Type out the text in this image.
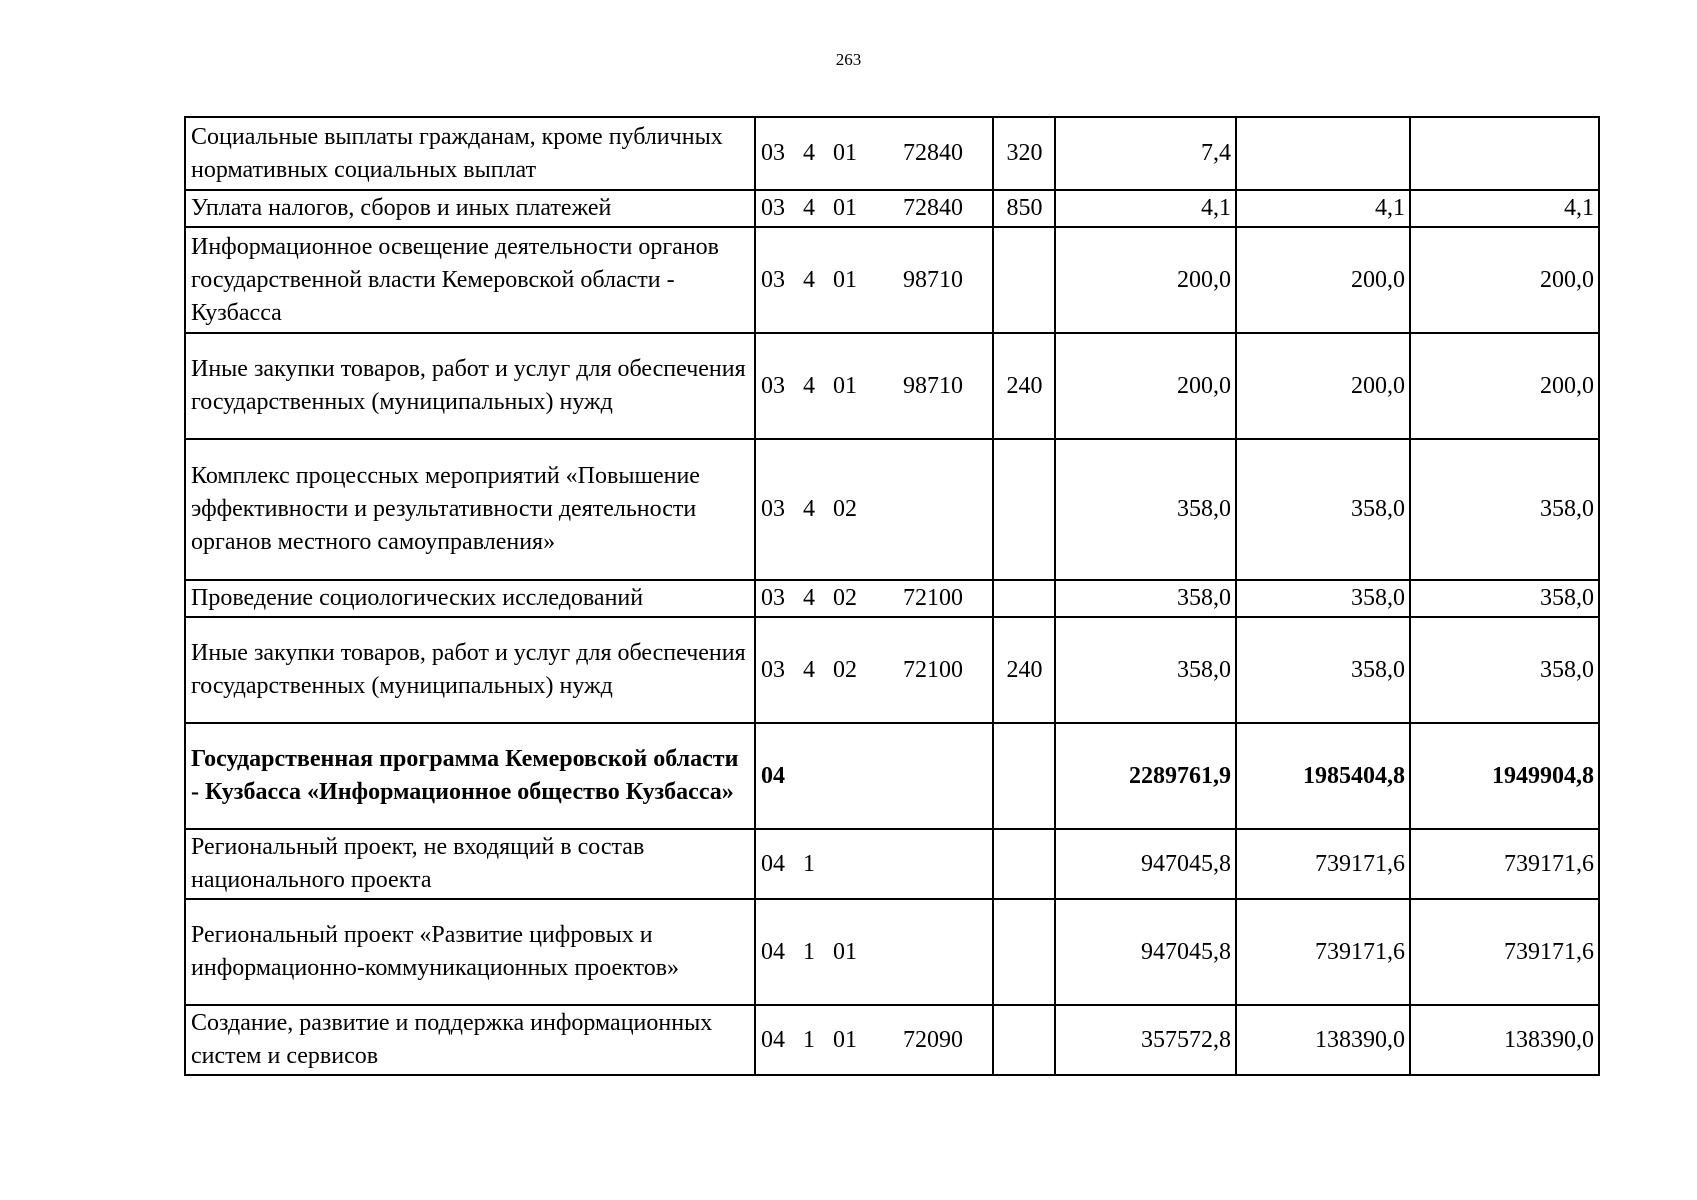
263
Социальные выплаты гражданам, кроме публичных нормативных социальных выплат	03 4 01 72840	320	7,4		
Уплата налогов, сборов и иных платежей	03 4 01 72840	850	4,1	4,1	4,1
Информационное освещение деятельности органов государственной власти Кемеровской области - Кузбасса	03 4 01 98710		200,0	200,0	200,0
Иные закупки товаров, работ и услуг для обеспечения государственных (муниципальных) нужд	03 4 01 98710	240	200,0	200,0	200,0
Комплекс процессных мероприятий «Повышение эффективности и результативности деятельности органов местного самоуправления»	03 4 02		358,0	358,0	358,0
Проведение социологических исследований	03 4 02 72100		358,0	358,0	358,0
Иные закупки товаров, работ и услуг для обеспечения государственных (муниципальных) нужд	03 4 02 72100	240	358,0	358,0	358,0
Государственная программа Кемеровской области - Кузбасса «Информационное общество Кузбасса»	04		2289761,9	1985404,8	1949904,8
Региональный проект, не входящий в состав национального проекта	04 1		947045,8	739171,6	739171,6
Региональный проект «Развитие цифровых и информационно-коммуникационных проектов»	04 1 01		947045,8	739171,6	739171,6
Создание, развитие и поддержка информационных систем и сервисов	04 1 01 72090		357572,8	138390,0	138390,0
